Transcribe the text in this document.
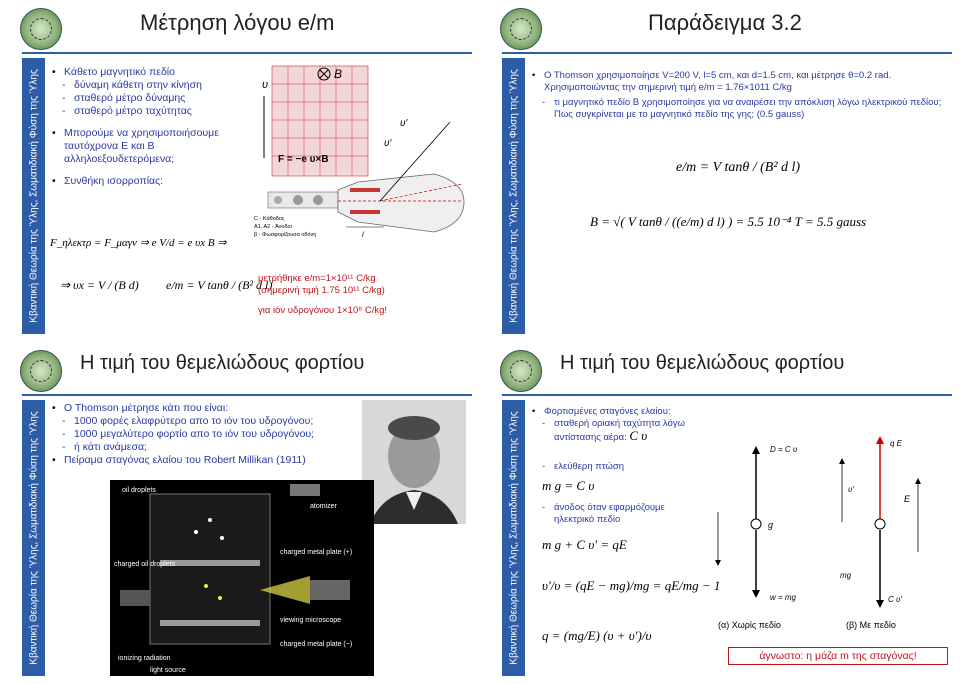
Μέτρηση λόγου e/m
Κβαντική Θεωρία της Ύλης, Σωματιδιακή Φύση της Ύλης	• Κάθετο μαγνητικό πεδίο
- δύναμη κάθετη στην κίνηση
- σταθερό μέτρο δύναμης
- σταθερό μέτρο ταχύτητας
• Μπορούμε να χρησιμοποιήσουμε
ταυτόχρονα Ε και Β
αλληλοεξουδετερόμενα;
• Συνθήκη ισορροπίας:
F_ηλεκτρ = F_μαγν ⇒ e V/d = e υx B ⇒
⇒ υx = V / (B d) e/m = V tanθ / (B² d l)
B
υ
F = −e υ×B
υ′
υ′
C - Κάθοδος
A1, A2 - Άνοδοι
β - Φωσφορίζουσα οθόνη	l
μετρήθηκε e/m=1×10¹¹ C/kg
(σημερινή τιμή 1.75 10¹¹ C/kg)
για ιόν υδρογόνου 1×10⁸ C/kg!
Παράδειγμα 3.2
Κβαντική Θεωρία της Ύλης, Σωματιδιακή Φύση της Ύλης	• O Thomson χρησιμοποίησε V=200 V, l=5 cm, και d=1.5 cm, και μέτρησε θ=0.2 rad. Χρησιμοποιώντας την σημερινή τιμή e/m = 1.76×1011 C/kg
- τι μαγνητικό πεδίο Β χρησιμοποίησε για να αναιρέσει την απόκλιση λόγω ηλεκτρικού πεδίου; Πως συγκρίνεται με το μαγνητικό πεδίο της γης; (0.5 gauss)
e/m = V tanθ / (B² d l)
B = √( V tanθ / ((e/m) d l) ) = 5.5 10⁻⁴ T = 5.5 gauss
Η τιμή του θεμελιώδους φορτίου
Κβαντική Θεωρία της Ύλης, Σωματιδιακή Φύση της Ύλης
• O Thomson μέτρησε κάτι που είναι:
- 1000 φορές ελαφρύτερο απο το ιόν του υδρογόνου;
- 1000 μεγαλύτερο φορτίο απο το ιόν του υδρογόνου;
- ή κάτι ανάμεσα;
• Πείραμα σταγόνας ελαίου του Robert Millikan (1911)
oil droplets
atomizer
charged oil droplets
charged metal plate (+)
viewing microscope
charged metal plate (−)
ionizing radiation
light source
Η τιμή του θεμελιώδους φορτίου
Κβαντική Θεωρία της Ύλης, Σωματιδιακή Φύση της Ύλης	• Φορτισμένες σταγόνες ελαίου:
- σταθερή οριακή ταχύτητα λόγω
αντίστασης αέρα: C υ
- ελεύθερη πτώση
m g = C υ
- άνοδος όταν εφαρμόζουμε
ηλεκτρικό πεδίο
m g + C υ′ = qE
υ′/υ = (qE − mg)/mg = qE/mg − 1
q = (mg/E) (υ + υ′)/υ
D = C υ
w = mg
g
q E
E
υ′
mg
C υ′
(α) Χωρίς πεδίο	(β) Με πεδίο
άγνωστο: η μάζα m της σταγόνας!
